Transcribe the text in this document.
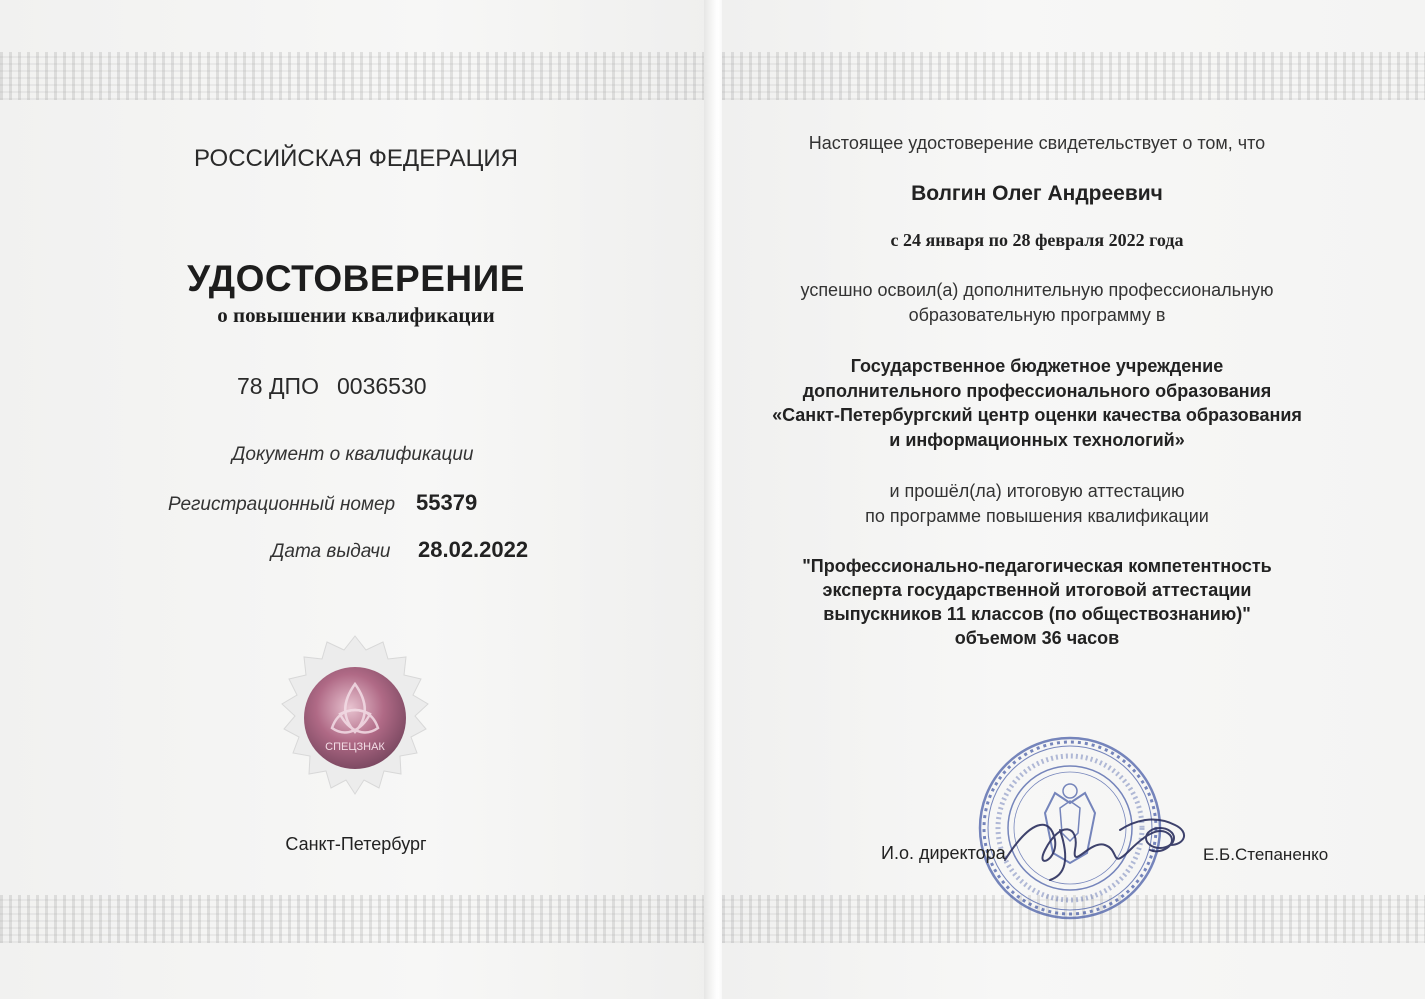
РОССИЙСКАЯ ФЕДЕРАЦИЯ
УДОСТОВЕРЕНИЕ
о повышении квалификации
78 ДПО 0036530
Документ о квалификации
Регистрационный номер 55379
Дата выдачи 28.02.2022
СПЕЦЗНАК
Санкт-Петербург
Настоящее удостоверение свидетельствует о том, что
Волгин Олег Андреевич
с 24 января по 28 февраля 2022 года
успешно освоил(а) дополнительную профессиональную
образовательную программу в
Государственное бюджетное учреждение
дополнительного профессионального образования
«Санкт-Петербургский центр оценки качества образования
и информационных технологий»
и прошёл(ла) итоговую аттестацию
по программе повышения квалификации
"Профессионально-педагогическая компетентность
эксперта государственной итоговой аттестации
выпускников 11 классов (по обществознанию)"
объемом 36 часов
И.о. директора	Е.Б.Степаненко
